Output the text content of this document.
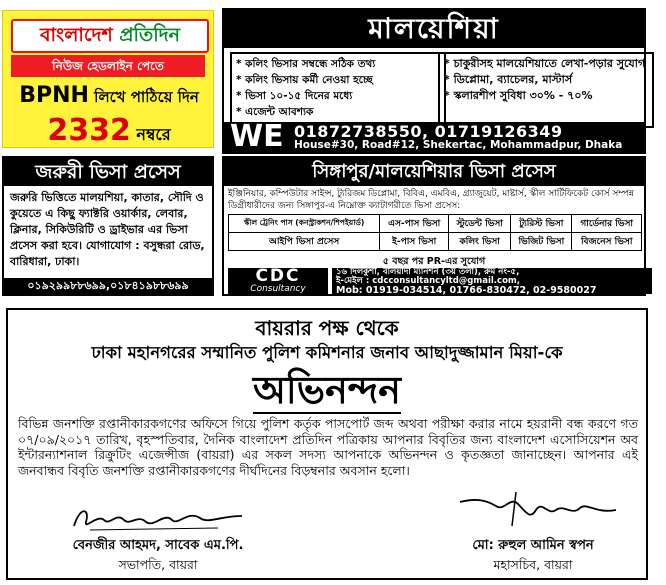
বাংলাদেশ প্রতিদিন
নিউজ হেডলাইন পেতে
BPNH লিখে পাঠিয়ে দিন
2332 নম্বরে
মালয়েশিয়া
* কলিং ভিসার সম্বন্ধে সঠিক তথ্য
* কলিং ভিসায় কর্মী নেওয়া হচ্ছে
* ভিসা ১০-১৫ দিনের মধ্যে
* এজেন্ট আবশ্যক
* চাকুরীসহ মালয়েশিয়াতে লেখা-পড়ার সুযোগ
* ডিপ্লোমা, ব্যাচেলর, মাস্টার্স
* স্কলারশীপ সুবিধা ৩০% - ৭০%
WE 01872738550, 01719126349
House#30, Road#12, Shekertac, Mohammadpur, Dhaka
জরুরী ভিসা প্রসেস
জরুরি ভিত্তিতে মালয়শিয়া, কাতার, সৌদি ও কুয়েতে এ কিছু ফ্যাক্টরি ওয়ার্কার, লেবার, ক্লিনার, সিকিউরিটি ও ড্রাইভার এর ভিসা প্রসেস করা হবে। যোগাযোগ : বসুন্ধরা রোড, বারিধারা, ঢাকা।
০১৯২৯৯৮৮৬৯৯,০১৮৪১৯৮৮৬৯৯
সিঙ্গাপুর/মালয়েশিয়ার ভিসা প্রসেস
ইঞ্জিনিয়ার, কম্পিউটার সাইন্স, ট্যুরিজম ডিপ্লোমা, বিবিএ, এমবিএ, গ্র্যাজুয়েট, মাষ্টার্স, স্কীল সার্টিফিকেট কোর্স সম্পন্ন ডিগ্রীধারীদের জন্য সিঙ্গাপুর-এ নিম্নোক্ত ক্যাটাগরীতে ভিসা প্রসেস:
স্কীল ট্রেনিং পাস (কনস্ট্রাকশন/শিপইয়ার্ড)	এস-পাস ভিসা	স্টুডেন্ট ভিসা	ট্যুরিস্ট ভিসা	গার্ডেনার ভিসা
আইপি ভিসা প্রসেস	ই-পাস ভিসা	কলিং ভিসা	ভিজিট ভিসা	বিজনেস ভিসা
৫ বছর পর PR-এর সুযোগ
CDC
Consultancy
১৬ দিলকুশা, বলিয়াদী ম্যানশন (৩য় তলা), রুম নং-৫,
ই-মেইল : cdcconsultancyltd@gmail.com,
Mob: 01919-034514, 01766-830472, 02-9580027
বায়রার পক্ষ থেকে
ঢাকা মহানগরের সম্মানিত পুলিশ কমিশনার জনাব আছাদুজ্জামান মিয়া-কে
অভিনন্দন
বিভিন্ন জনশক্তি রপ্তানীকারকগণের অফিসে গিয়ে পুলিশ কর্তৃক পাসপোর্ট জব্দ অথবা পরীক্ষা করার নামে হয়রানী বন্ধ করণে গত ০৭/০৯/২০১৭ তারিখ, বৃহস্পতিবার, দৈনিক বাংলাদেশ প্রতিদিন পত্রিকায় আপনার বিবৃতির জন্য বাংলাদেশ এসোসিয়েশন অব ইন্টারন্যাশনাল রিক্রুটিং এজেন্সীজ (বায়রা) এর সকল সদস্য আপনাকে অভিনন্দন ও কৃতজ্ঞতা জানাচ্ছেন। আপনার এই জনবান্ধব বিবৃতি জনশক্তি রপ্তানীকারকগণের দীর্ঘদিনের বিড়ম্বনার অবসান হলো।
বেনজীর আহমদ, সাবেক এম.পি.
সভাপতি, বায়রা
মো: রুহুল আমিন স্বপন
মহাসচিব, বায়রা
